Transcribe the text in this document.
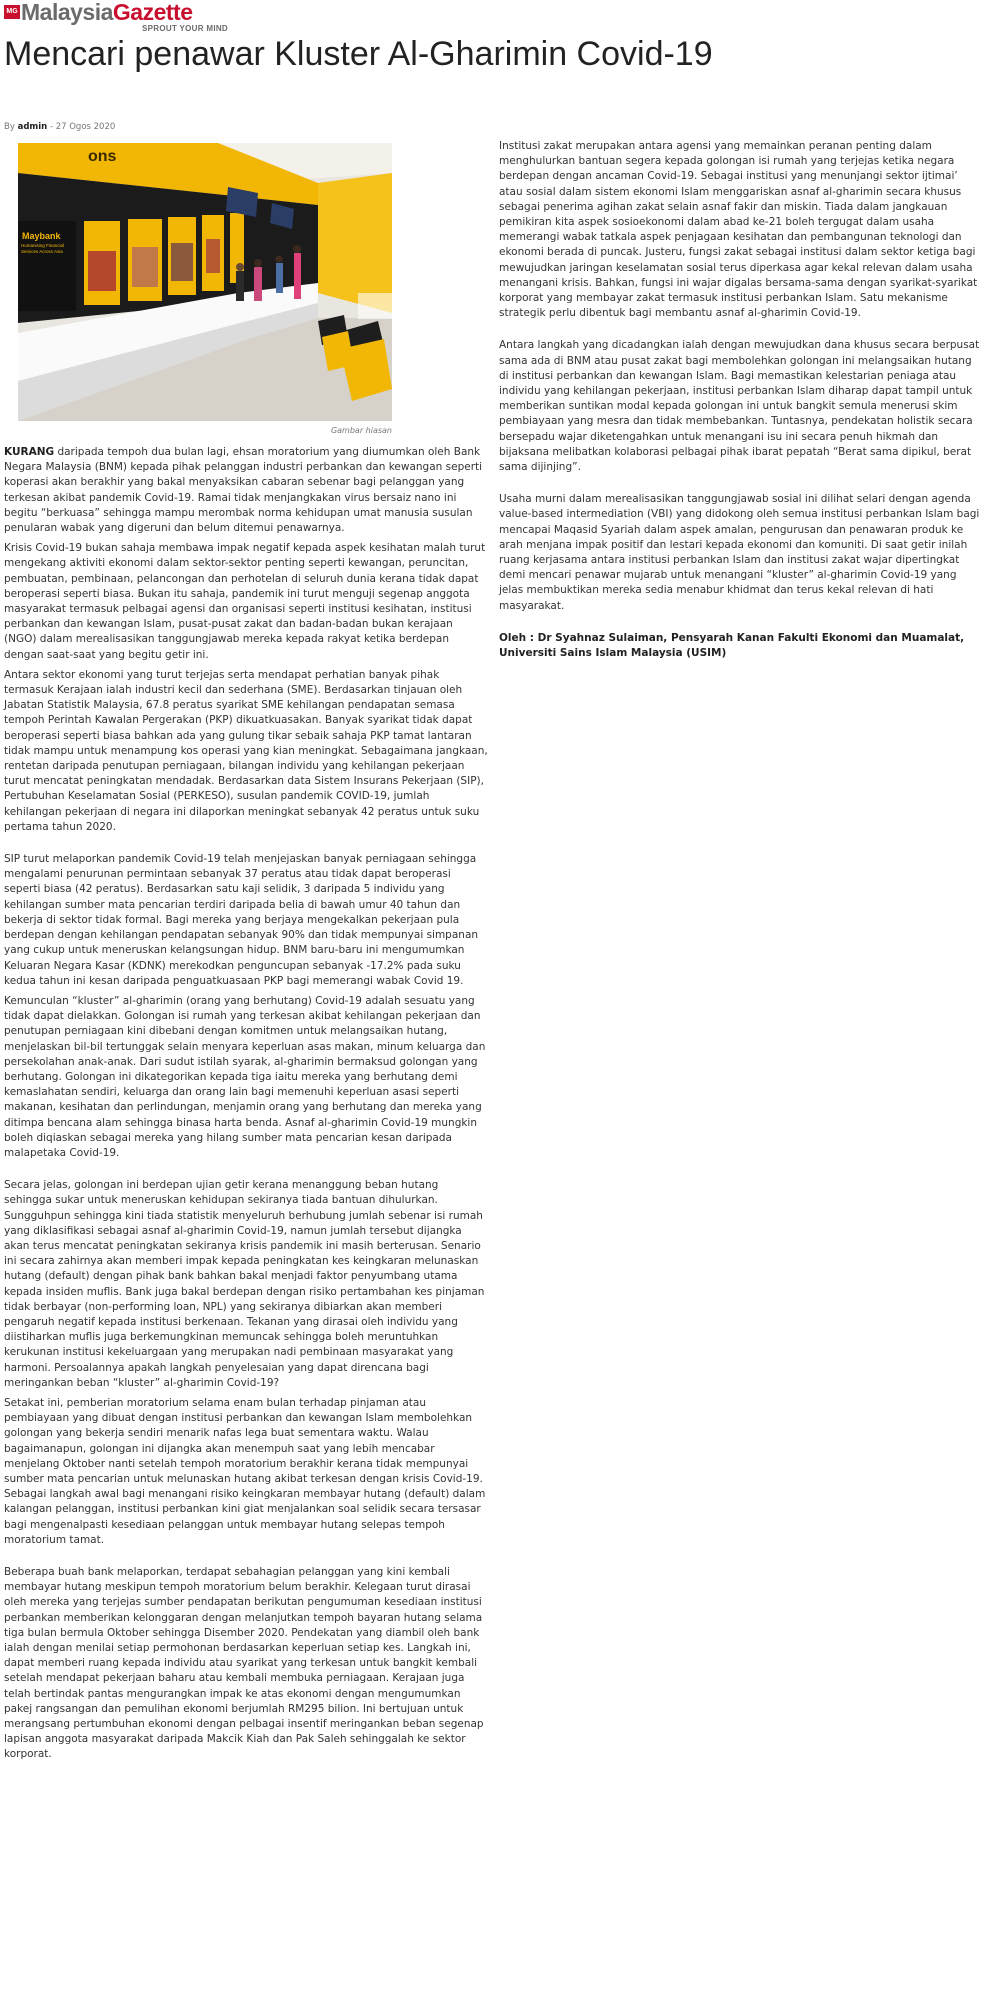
MG MalaysiaGazette
SPROUT YOUR MIND
Mencari penawar Kluster Al-Gharimin Covid-19
By admin - 27 Ogos 2020
ons
Maybank
Humanising Financial Services Across Asia
Gambar hiasan

KURANG daripada tempoh dua bulan lagi, ehsan moratorium yang diumumkan oleh Bank Negara Malaysia (BNM) kepada pihak pelanggan industri perbankan dan kewangan seperti koperasi akan berakhir yang bakal menyaksikan cabaran sebenar bagi pelanggan yang terkesan akibat pandemik Covid-19. Ramai tidak menjangkakan virus bersaiz nano ini begitu “berkuasa” sehingga mampu merombak norma kehidupan umat manusia susulan penularan wabak yang digeruni dan belum ditemui penawarnya.

Krisis Covid-19 bukan sahaja membawa impak negatif kepada aspek kesihatan malah turut mengekang aktiviti ekonomi dalam sektor-sektor penting seperti kewangan, peruncitan, pembuatan, pembinaan, pelancongan dan perhotelan di seluruh dunia kerana tidak dapat beroperasi seperti biasa. Bukan itu sahaja, pandemik ini turut menguji segenap anggota masyarakat termasuk pelbagai agensi dan organisasi seperti institusi kesihatan, institusi perbankan dan kewangan Islam, pusat-pusat zakat dan badan-badan bukan kerajaan (NGO) dalam merealisasikan tanggungjawab mereka kepada rakyat ketika berdepan dengan saat-saat yang begitu getir ini.

Antara sektor ekonomi yang turut terjejas serta mendapat perhatian banyak pihak termasuk Kerajaan ialah industri kecil dan sederhana (SME). Berdasarkan tinjauan oleh Jabatan Statistik Malaysia, 67.8 peratus syarikat SME kehilangan pendapatan semasa tempoh Perintah Kawalan Pergerakan (PKP) dikuatkuasakan. Banyak syarikat tidak dapat beroperasi seperti biasa bahkan ada yang gulung tikar sebaik sahaja PKP tamat lantaran tidak mampu untuk menampung kos operasi yang kian meningkat. Sebagaimana jangkaan, rentetan daripada penutupan perniagaan, bilangan individu yang kehilangan pekerjaan turut mencatat peningkatan mendadak. Berdasarkan data Sistem Insurans Pekerjaan (SIP), Pertubuhan Keselamatan Sosial (PERKESO), susulan pandemik COVID-19, jumlah kehilangan pekerjaan di negara ini dilaporkan meningkat sebanyak 42 peratus untuk suku pertama tahun 2020.

SIP turut melaporkan pandemik Covid-19 telah menjejaskan banyak perniagaan sehingga mengalami penurunan permintaan sebanyak 37 peratus atau tidak dapat beroperasi seperti biasa (42 peratus). Berdasarkan satu kaji selidik, 3 daripada 5 individu yang kehilangan sumber mata pencarian terdiri daripada belia di bawah umur 40 tahun dan bekerja di sektor tidak formal. Bagi mereka yang berjaya mengekalkan pekerjaan pula berdepan dengan kehilangan pendapatan sebanyak 90% dan tidak mempunyai simpanan yang cukup untuk meneruskan kelangsungan hidup. BNM baru-baru ini mengumumkan Keluaran Negara Kasar (KDNK) merekodkan penguncupan sebanyak -17.2% pada suku kedua tahun ini kesan daripada penguatkuasaan PKP bagi memerangi wabak Covid 19.

Kemunculan “kluster” al-gharimin (orang yang berhutang) Covid-19 adalah sesuatu yang tidak dapat dielakkan. Golongan isi rumah yang terkesan akibat kehilangan pekerjaan dan penutupan perniagaan kini dibebani dengan komitmen untuk melangsaikan hutang, menjelaskan bil-bil tertunggak selain menyara keperluan asas makan, minum keluarga dan persekolahan anak-anak. Dari sudut istilah syarak, al-gharimin bermaksud golongan yang berhutang. Golongan ini dikategorikan kepada tiga iaitu mereka yang berhutang demi kemaslahatan sendiri, keluarga dan orang lain bagi memenuhi keperluan asasi seperti makanan, kesihatan dan perlindungan, menjamin orang yang berhutang dan mereka yang ditimpa bencana alam sehingga binasa harta benda. Asnaf al-gharimin Covid-19 mungkin boleh diqiaskan sebagai mereka yang hilang sumber mata pencarian kesan daripada malapetaka Covid-19.

Secara jelas, golongan ini berdepan ujian getir kerana menanggung beban hutang sehingga sukar untuk meneruskan kehidupan sekiranya tiada bantuan dihulurkan. Sungguhpun sehingga kini tiada statistik menyeluruh berhubung jumlah sebenar isi rumah yang diklasifikasi sebagai asnaf al-gharimin Covid-19, namun jumlah tersebut dijangka akan terus mencatat peningkatan sekiranya krisis pandemik ini masih berterusan. Senario ini secara zahirnya akan memberi impak kepada peningkatan kes keingkaran melunaskan hutang (default) dengan pihak bank bahkan bakal menjadi faktor penyumbang utama kepada insiden muflis. Bank juga bakal berdepan dengan risiko pertambahan kes pinjaman tidak berbayar (non-performing loan, NPL) yang sekiranya dibiarkan akan memberi pengaruh negatif kepada institusi berkenaan. Tekanan yang dirasai oleh individu yang diistiharkan muflis juga berkemungkinan memuncak sehingga boleh meruntuhkan kerukunan institusi kekeluargaan yang merupakan nadi pembinaan masyarakat yang harmoni. Persoalannya apakah langkah penyelesaian yang dapat direncana bagi meringankan beban “kluster” al-gharimin Covid-19?

Setakat ini, pemberian moratorium selama enam bulan terhadap pinjaman atau pembiayaan yang dibuat dengan institusi perbankan dan kewangan Islam membolehkan golongan yang bekerja sendiri menarik nafas lega buat sementara waktu. Walau bagaimanapun, golongan ini dijangka akan menempuh saat yang lebih mencabar menjelang Oktober nanti setelah tempoh moratorium berakhir kerana tidak mempunyai sumber mata pencarian untuk melunaskan hutang akibat terkesan dengan krisis Covid-19. Sebagai langkah awal bagi menangani risiko keingkaran membayar hutang (default) dalam kalangan pelanggan, institusi perbankan kini giat menjalankan soal selidik secara tersasar bagi mengenalpasti kesediaan pelanggan untuk membayar hutang selepas tempoh moratorium tamat.

Beberapa buah bank melaporkan, terdapat sebahagian pelanggan yang kini kembali membayar hutang meskipun tempoh moratorium belum berakhir. Kelegaan turut dirasai oleh mereka yang terjejas sumber pendapatan berikutan pengumuman kesediaan institusi perbankan memberikan kelonggaran dengan melanjutkan tempoh bayaran hutang selama tiga bulan bermula Oktober sehingga Disember 2020. Pendekatan yang diambil oleh bank ialah dengan menilai setiap permohonan berdasarkan keperluan setiap kes. Langkah ini, dapat memberi ruang kepada individu atau syarikat yang terkesan untuk bangkit kembali setelah mendapat pekerjaan baharu atau kembali membuka perniagaan. Kerajaan juga telah bertindak pantas mengurangkan impak ke atas ekonomi dengan mengumumkan pakej rangsangan dan pemulihan ekonomi berjumlah RM295 bilion. Ini bertujuan untuk merangsang pertumbuhan ekonomi dengan pelbagai insentif meringankan beban segenap lapisan anggota masyarakat daripada Makcik Kiah dan Pak Saleh sehinggalah ke sektor korporat.

Institusi zakat merupakan antara agensi yang memainkan peranan penting dalam menghulurkan bantuan segera kepada golongan isi rumah yang terjejas ketika negara berdepan dengan ancaman Covid-19. Sebagai institusi yang menunjangi sektor ijtimai’ atau sosial dalam sistem ekonomi Islam menggariskan asnaf al-gharimin secara khusus sebagai penerima agihan zakat selain asnaf fakir dan miskin. Tiada dalam jangkauan pemikiran kita aspek sosioekonomi dalam abad ke-21 boleh tergugat dalam usaha memerangi wabak tatkala aspek penjagaan kesihatan dan pembangunan teknologi dan ekonomi berada di puncak. Justeru, fungsi zakat sebagai institusi dalam sektor ketiga bagi mewujudkan jaringan keselamatan sosial terus diperkasa agar kekal relevan dalam usaha menangani krisis. Bahkan, fungsi ini wajar digalas bersama-sama dengan syarikat-syarikat korporat yang membayar zakat termasuk institusi perbankan Islam. Satu mekanisme strategik perlu dibentuk bagi membantu asnaf al-gharimin Covid-19.

Antara langkah yang dicadangkan ialah dengan mewujudkan dana khusus secara berpusat sama ada di BNM atau pusat zakat bagi membolehkan golongan ini melangsaikan hutang di institusi perbankan dan kewangan Islam. Bagi memastikan kelestarian peniaga atau individu yang kehilangan pekerjaan, institusi perbankan Islam diharap dapat tampil untuk memberikan suntikan modal kepada golongan ini untuk bangkit semula menerusi skim pembiayaan yang mesra dan tidak membebankan. Tuntasnya, pendekatan holistik secara bersepadu wajar diketengahkan untuk menangani isu ini secara penuh hikmah dan bijaksana melibatkan kolaborasi pelbagai pihak ibarat pepatah “Berat sama dipikul, berat sama dijinjing”.

Usaha murni dalam merealisasikan tanggungjawab sosial ini dilihat selari dengan agenda value-based intermediation (VBI) yang didokong oleh semua institusi perbankan Islam bagi mencapai Maqasid Syariah dalam aspek amalan, pengurusan dan penawaran produk ke arah menjana impak positif dan lestari kepada ekonomi dan komuniti. Di saat getir inilah ruang kerjasama antara institusi perbankan Islam dan institusi zakat wajar dipertingkat demi mencari penawar mujarab untuk menangani “kluster” al-gharimin Covid-19 yang jelas membuktikan mereka sedia menabur khidmat dan terus kekal relevan di hati masyarakat.

Oleh : Dr Syahnaz Sulaiman, Pensyarah Kanan Fakulti Ekonomi dan Muamalat, Universiti Sains Islam Malaysia (USIM)
